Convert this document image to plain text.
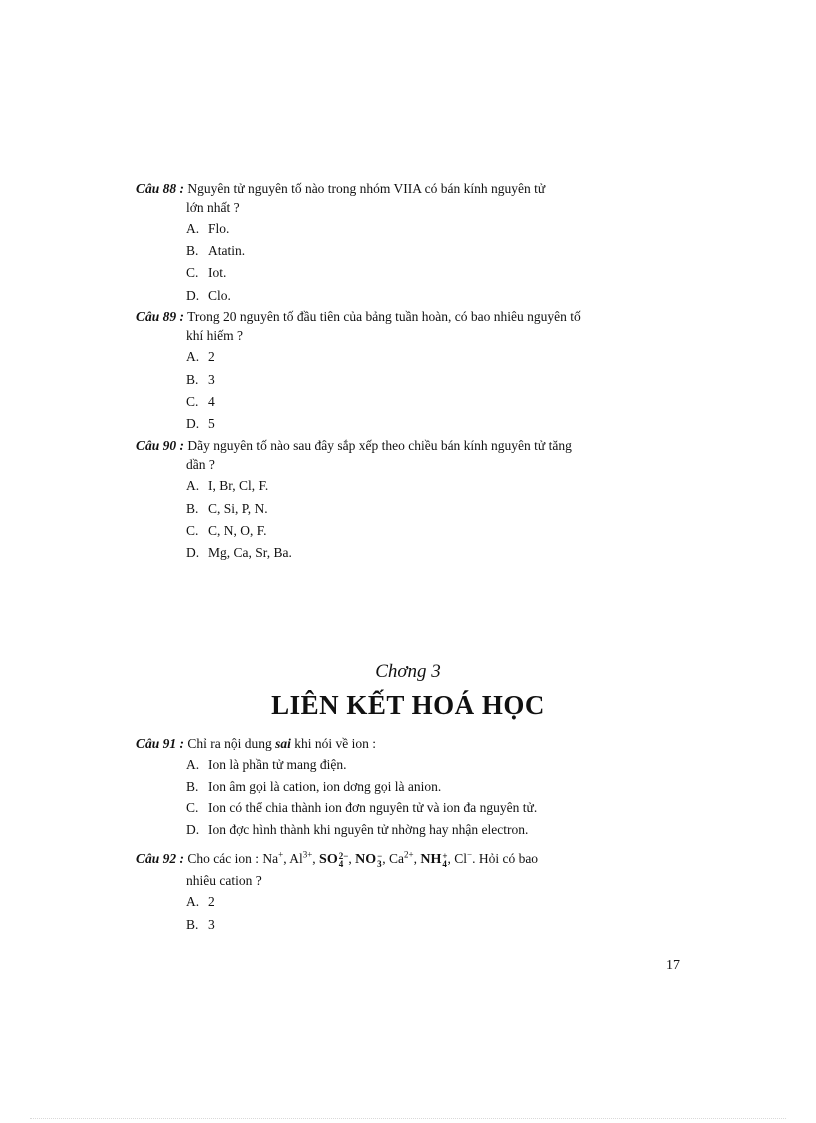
Câu 88 : Nguyên tử nguyên tố nào trong nhóm VIIA có bán kính nguyên tử
lớn nhất ?
A. Flo.
B. Atatin.
C. Iot.
D. Clo.
Câu 89 : Trong 20 nguyên tố đầu tiên của bảng tuần hoàn, có bao nhiêu nguyên tố
khí hiếm ?
A. 2
B. 3
C. 4
D. 5
Câu 90 : Dãy nguyên tố nào sau đây sắp xếp theo chiều bán kính nguyên tử tăng
dần ?
A. I, Br, Cl, F.
B. C, Si, P, N.
C. C, N, O, F.
D. Mg, Ca, Sr, Ba.
Chơng 3
LIÊN KẾT HOÁ HỌC
Câu 91 : Chỉ ra nội dung sai khi nói về ion :
A. Ion là phần tử mang điện.
B. Ion âm gọi là cation, ion dơng gọi là anion.
C. Ion có thể chia thành ion đơn nguyên tử và ion đa nguyên tử.
D. Ion đợc hình thành khi nguyên tử nhờng hay nhận electron.
Câu 92 : Cho các ion : Na+, $Al^{3+}$, SO 2−
4 , NO −
3 , $Ca^{2+}$, NH +
4 , Cl−. Hỏi có bao
nhiêu cation ?
A. 2
B. 3
17
